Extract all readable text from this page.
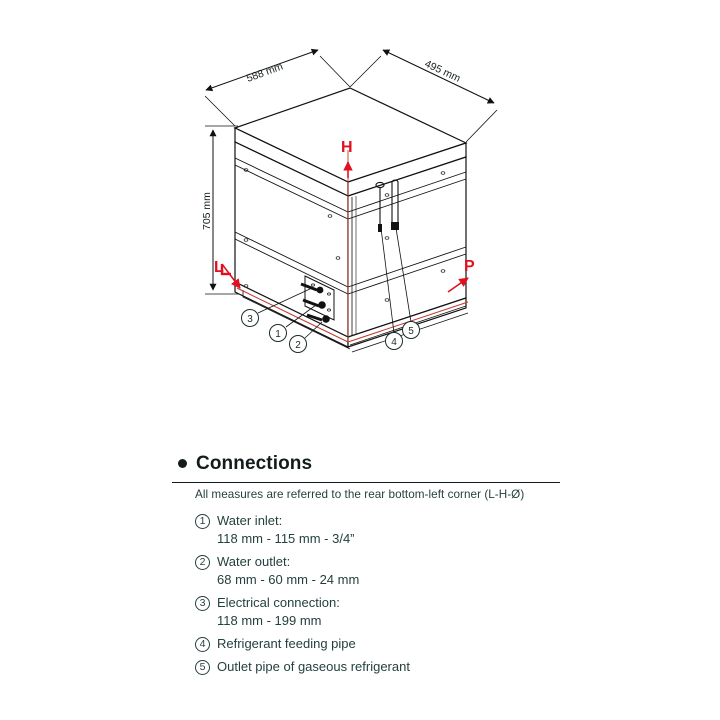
588 mm	495 mm
705 mm
H
L	P
3
1
2	4
5
Connections
All measures are referred to the rear bottom-left corner (L-H-Ø)
1 Water inlet:
118 mm - 115 mm - 3/4”
2 Water outlet:
68 mm - 60 mm - 24 mm
3 Electrical connection:
118 mm - 199 mm
4 Refrigerant feeding pipe
5 Outlet pipe of gaseous refrigerant
